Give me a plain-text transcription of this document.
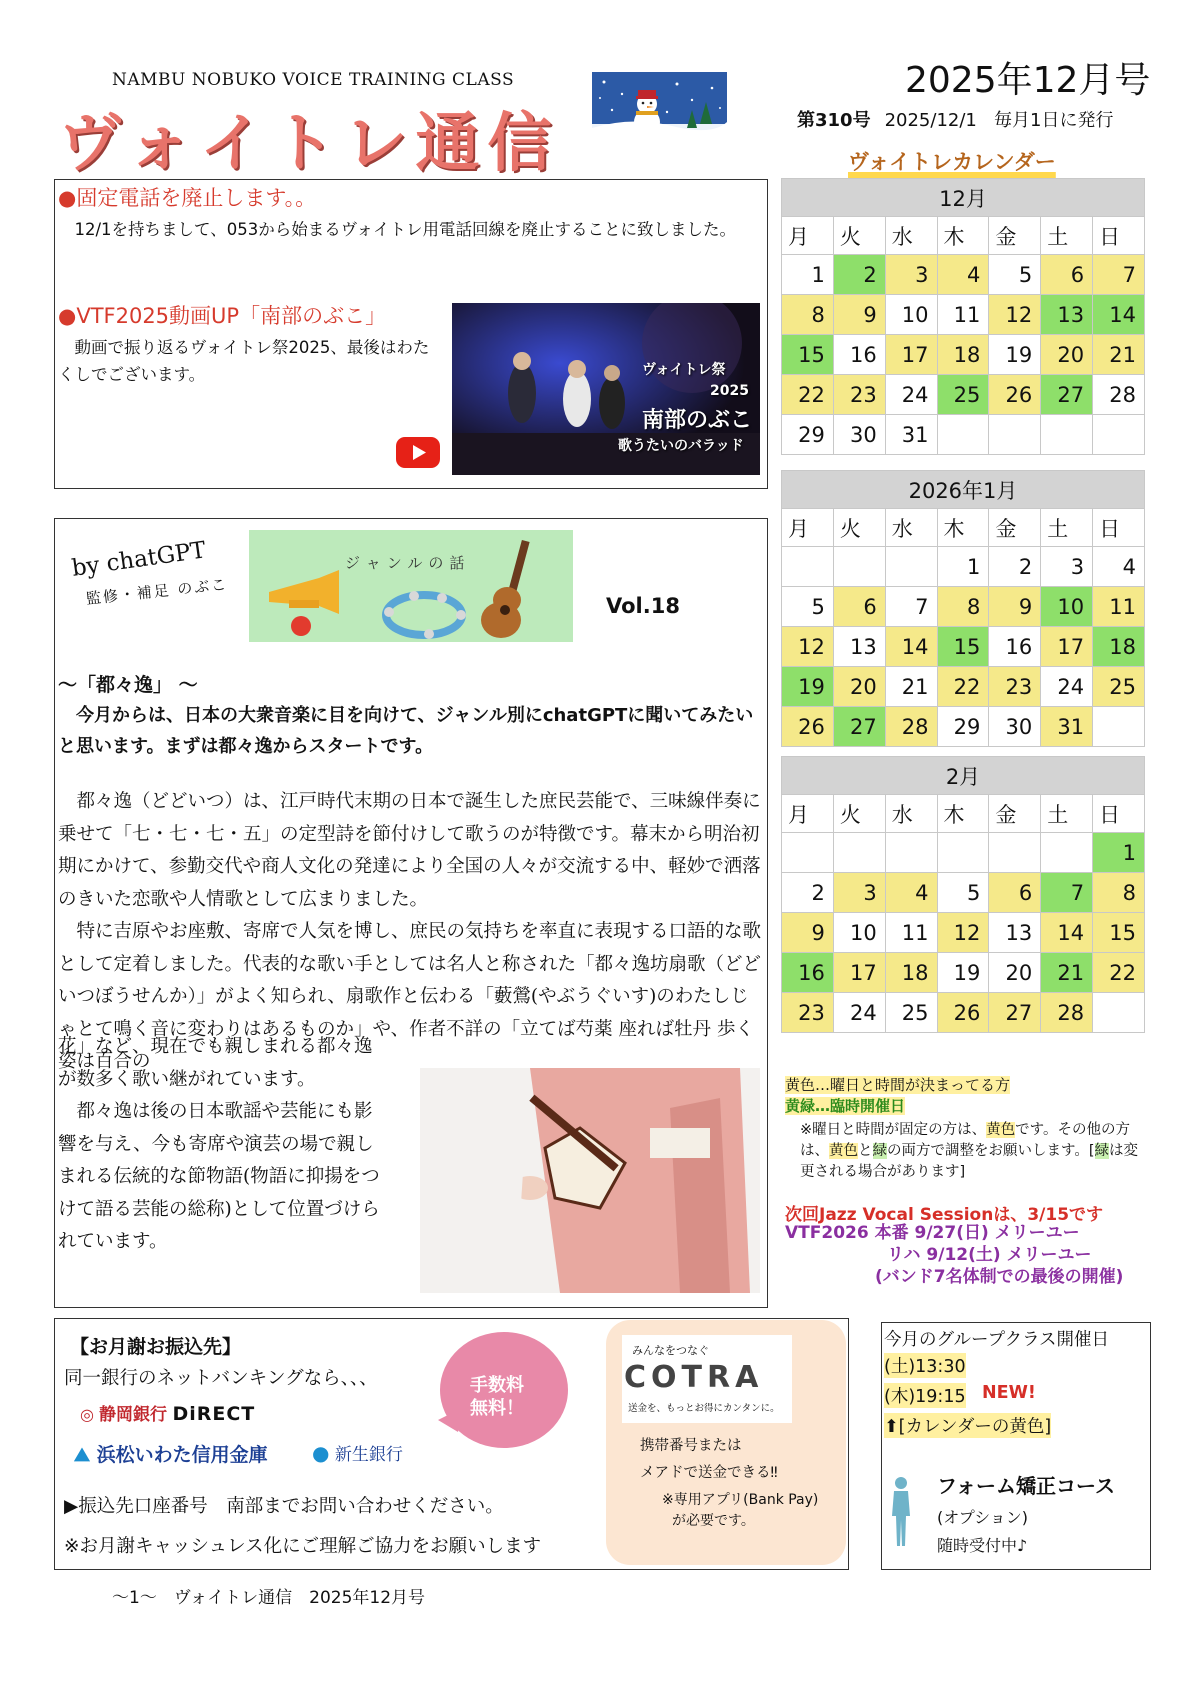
NAMBU NOBUKO VOICE TRAINING CLASS
ヴォイトレ通信
2025年12月号
第310号 2025/12/1 毎月1日に発行
ヴォイトレカレンダー
●固定電話を廃止します。。
12/1を持ちまして、053から始まるヴォイトレ用電話回線を廃止することに致しました。
●VTF2025動画UP「南部のぶこ」
動画で振り返るヴォイトレ祭2025、最後はわたくしでございます。	ヴォイトレ祭
2025
南部のぶこ
歌うたいのバラッド
by chatGPT
監修・補足 のぶこ
ジャンルの話
Vol.18
〜「都々逸」 〜
今月からは、日本の大衆音楽に目を向けて、ジャンル別にchatGPTに聞いてみたいと思います。まずは都々逸からスタートです。

都々逸（どどいつ）は、江戸時代末期の日本で誕生した庶民芸能で、三味線伴奏に乗せて「七・七・七・五」の定型詩を節付けして歌うのが特徴です。幕末から明治初期にかけて、参勤交代や商人文化の発達により全国の人々が交流する中、軽妙で洒落のきいた恋歌や人情歌として広まりました。

特に吉原やお座敷、寄席で人気を博し、庶民の気持ちを率直に表現する口語的な歌として定着しました。代表的な歌い手としては名人と称された「都々逸坊扇歌（どどいつぼうせんか）」がよく知られ、扇歌作と伝わる「藪鶯(やぶうぐいす)のわたしじゃとて鳴く音に変わりはあるものか」や、作者不詳の「立てば芍薬 座れば牡丹 歩く姿は百合の

花」など、現在でも親しまれる都々逸が数多く歌い継がれています。

都々逸は後の日本歌謡や芸能にも影響を与え、今も寄席や演芸の場で親しまれる伝統的な節物語(物語に抑揚をつけて語る芸能の総称)として位置づけられています。

12月						
月	火	水	木	金	土	日
1	2	3	4	5	6	7
8	9	10	11	12	13	14
15	16	17	18	19	20	21
22	23	24	25	26	27	28
29	30	31				
2026年1月						
月	火	水	木	金	土	日
			1	2	3	4
5	6	7	8	9	10	11
12	13	14	15	16	17	18
19	20	21	22	23	24	25
26	27	28	29	30	31	
2月						
月	火	水	木	金	土	日
						1
2	3	4	5	6	7	8
9	10	11	12	13	14	15
16	17	18	19	20	21	22
23	24	25	26	27	28	
黄色…曜日と時間が決まってる方
黄緑…臨時開催日
※曜日と時間が固定の方は、黄色です。その他の方は、黄色と緑の両方で調整をお願いします。[緑は変更される場合があります]
次回Jazz Vocal Sessionは、3/15です
VTF2026 本番 9/27(日) メリーユー
リハ 9/12(土) メリーユー
(バンド7名体制での最後の開催)
【お月謝お振込先】
同一銀行のネットバンキングなら、、、	手数料
無料！
◎ 静岡銀行 DiRECT
⛰ 浜松いわた信用金庫 ● 新生銀行
▶振込先口座番号　南部までお問い合わせください。
※お月謝キャッシュレス化にご理解ご協力をお願いします
みんなをつなぐ
COTRA
送金を、もっとお得にカンタンに。
携帯番号または
メアドで送金できる‼
※専用アプリ(Bank Pay)
が必要です。
今月のグループクラス開催日
(土)13:30
(木)19:15 NEW!
⬆[カレンダーの黄色]
フォーム矯正コース
(オプション)
随時受付中♪
〜1〜　ヴォイトレ通信　2025年12月号
